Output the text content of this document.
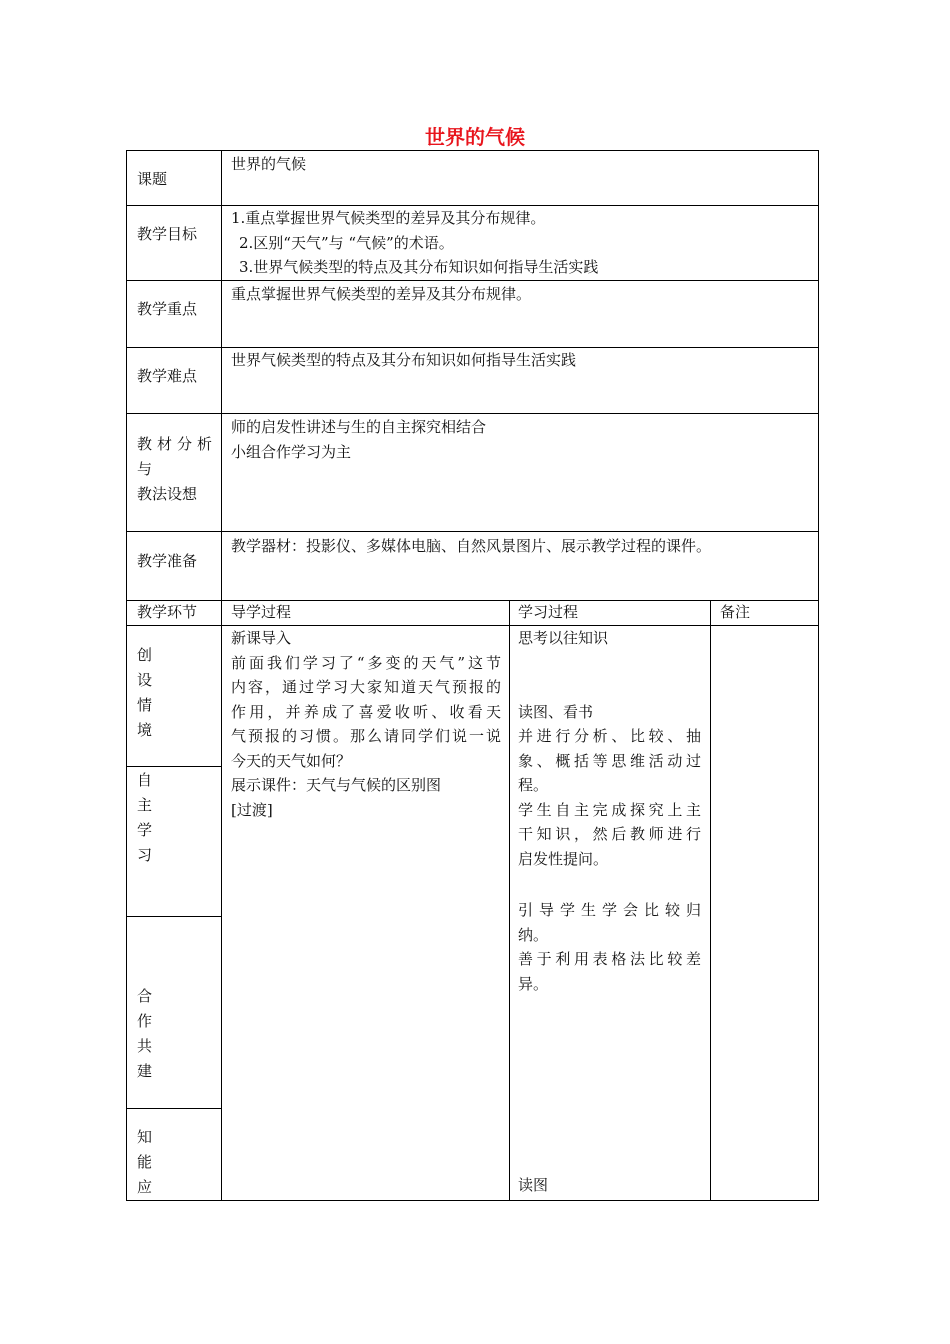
世界的气候
课题
世界的气候
教学目标
1.重点掌握世界气候类型的差异及其分布规律。
2.区别“天气”与 “气候”的术语。
3.世界气候类型的特点及其分布知识如何指导生活实践
教学重点
重点掌握世界气候类型的差异及其分布规律。
教学难点
世界气候类型的特点及其分布知识如何指导生活实践
教材分析
与
教法设想
师的启发性讲述与生的自主探究相结合
小组合作学习为主
教学准备
教学器材：投影仪、多媒体电脑、自然风景图片、展示教学过程的课件。
教学环节 导学过程	学习过程	备注
创设情境
自主学习
合作共建
知能应
新课导入
前面我们学习了“多变的天气”这节
内容，通过学习大家知道天气预报的
作用，并养成了喜爱收听、收看天
气预报的习惯。那么请同学们说一说
今天的天气如何？
展示课件：天气与气候的区别图
[过渡]
思考以往知识
读图、看书
并进行分析、比较、抽
象、概括等思维活动过
程。
学生自主完成探究上主
干知识，然后教师进行
启发性提问。
引导学生学会比较归
纳。
善于利用表格法比较差
异。
读图
